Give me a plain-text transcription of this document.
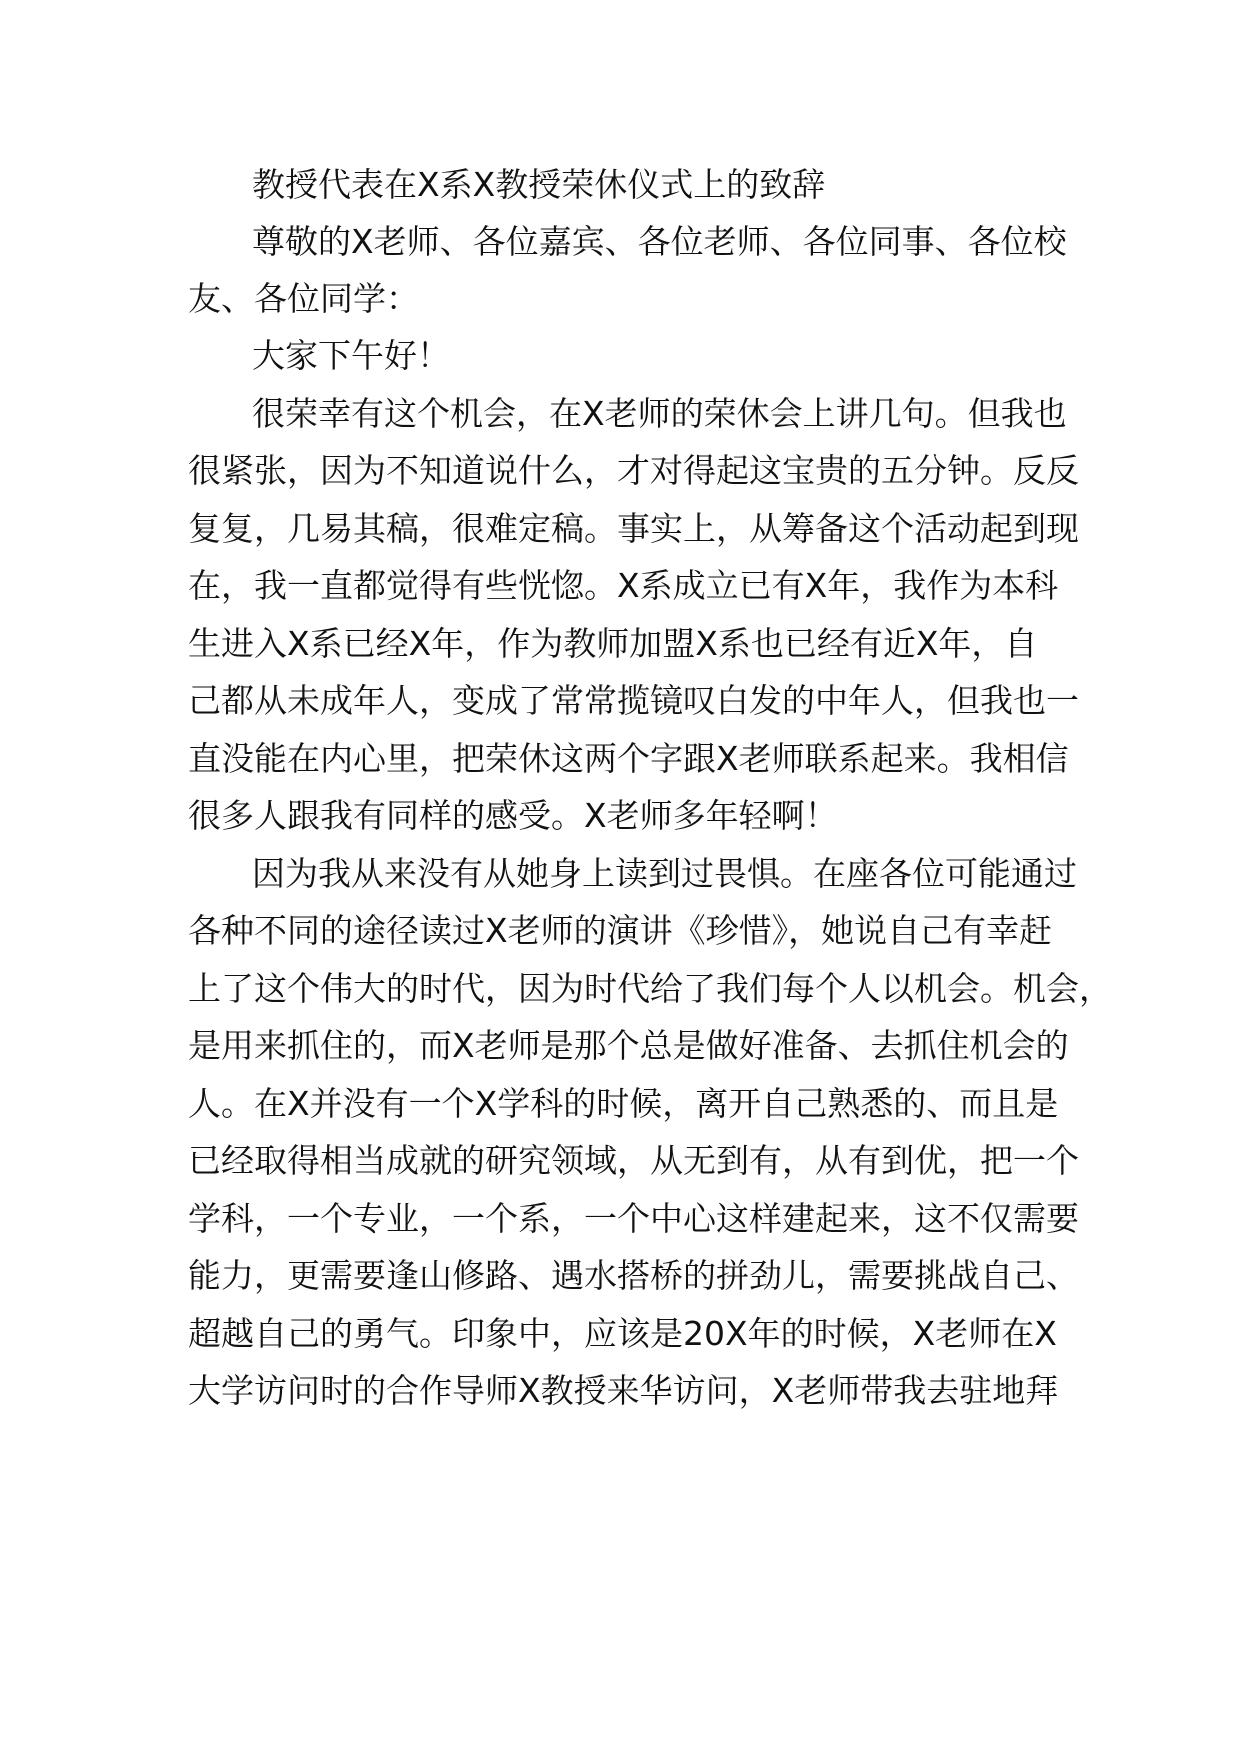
教授代表在X系X教授荣休仪式上的致辞
尊敬的X老师、各位嘉宾、各位老师、各位同事、各位校
友、各位同学：
大家下午好！
很荣幸有这个机会，在X老师的荣休会上讲几句。但我也
很紧张，因为不知道说什么，才对得起这宝贵的五分钟。反反
复复，几易其稿，很难定稿。事实上，从筹备这个活动起到现
在，我一直都觉得有些恍惚。X系成立已有X年，我作为本科
生进入X系已经X年，作为教师加盟X系也已经有近X年，自
己都从未成年人，变成了常常揽镜叹白发的中年人，但我也一
直没能在内心里，把荣休这两个字跟X老师联系起来。我相信
很多人跟我有同样的感受。X老师多年轻啊！
因为我从来没有从她身上读到过畏惧。在座各位可能通过
各种不同的途径读过X老师的演讲《珍惜》，她说自己有幸赶
上了这个伟大的时代，因为时代给了我们每个人以机会。机会，
是用来抓住的，而X老师是那个总是做好准备、去抓住机会的
人。在X并没有一个X学科的时候，离开自己熟悉的、而且是
已经取得相当成就的研究领域，从无到有，从有到优，把一个
学科，一个专业，一个系，一个中心这样建起来，这不仅需要
能力，更需要逢山修路、遇水搭桥的拼劲儿，需要挑战自己、
超越自己的勇气。印象中，应该是20X年的时候，X老师在X
大学访问时的合作导师X教授来华访问，X老师带我去驻地拜
